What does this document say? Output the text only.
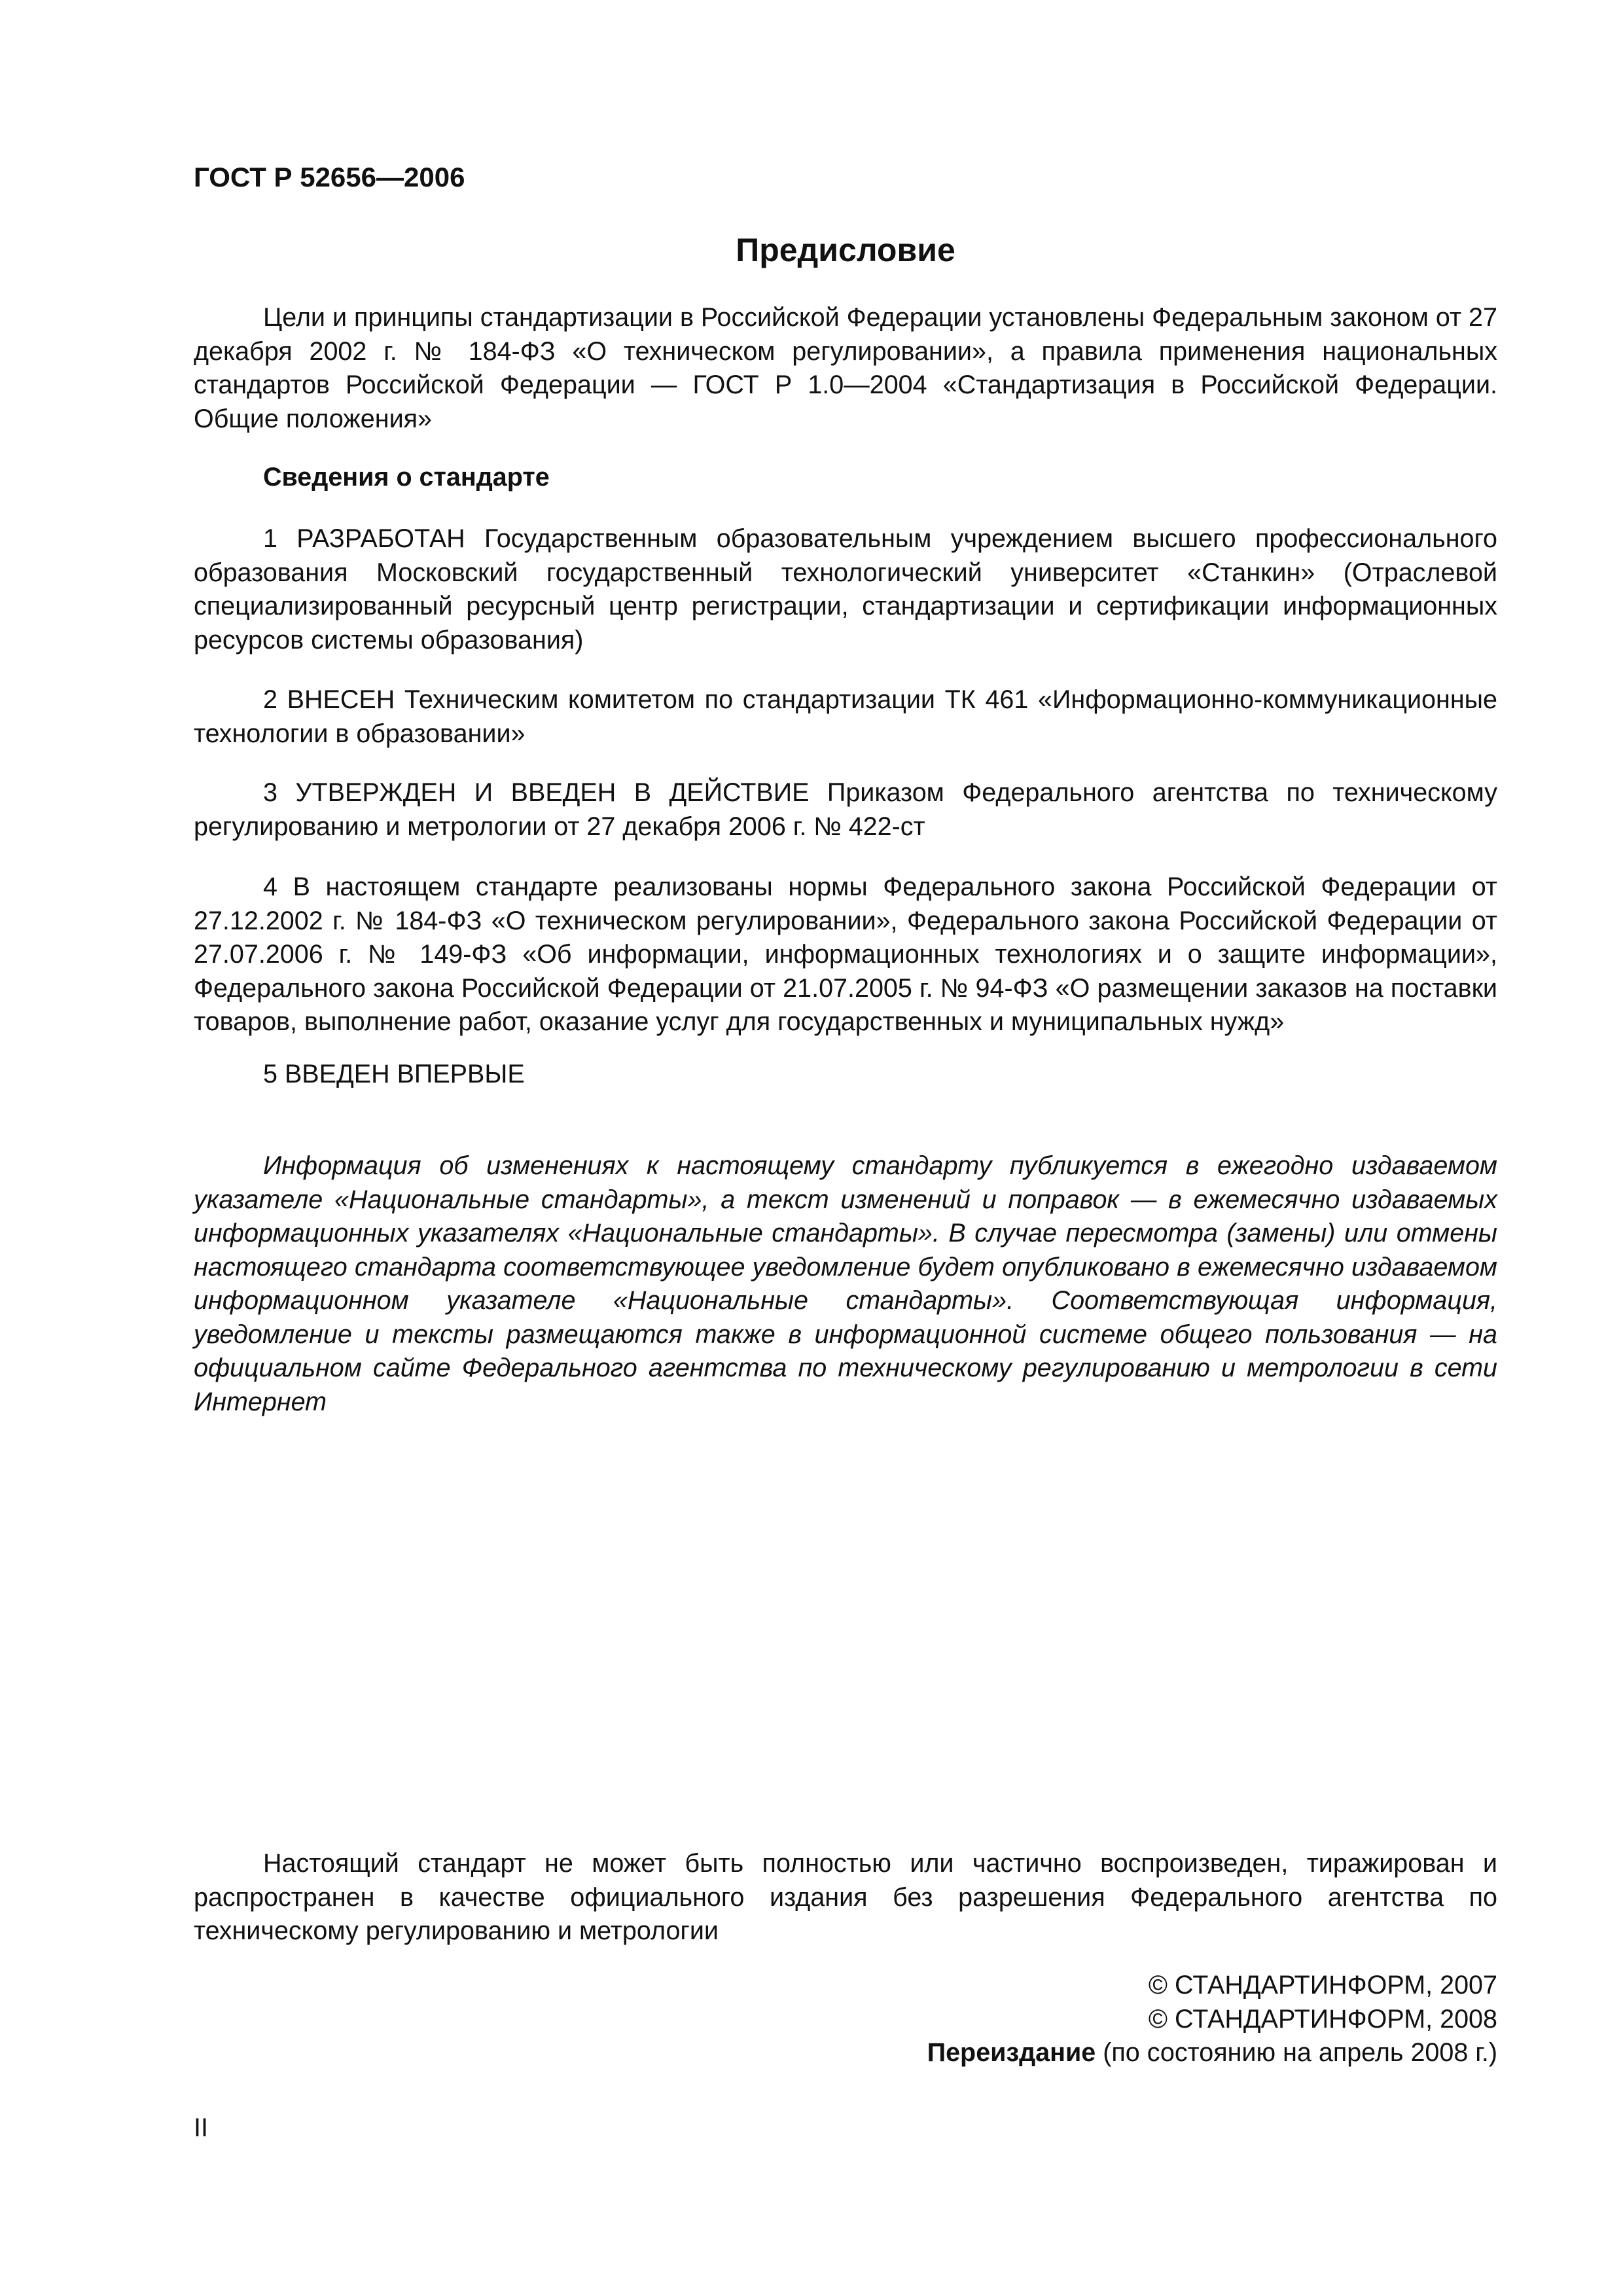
ГОСТ Р 52656—2006

Предисловие

Цели и принципы стандартизации в Российской Федерации установлены Федеральным законом от 27 декабря 2002 г. № 184-ФЗ «О техническом регулировании», а правила применения национальных стандартов Российской Федерации — ГОСТ Р 1.0—2004 «Стандартизация в Российской Федерации. Общие положения»

Сведения о стандарте

1 РАЗРАБОТАН Государственным образовательным учреждением высшего профессионального образования Московский государственный технологический университет «Станкин» (Отраслевой специализированный ресурсный центр регистрации, стандартизации и сертификации информационных ресурсов системы образования)

2 ВНЕСЕН Техническим комитетом по стандартизации ТК 461 «Информационно-коммуникационные технологии в образовании»

3 УТВЕРЖДЕН И ВВЕДЕН В ДЕЙСТВИЕ Приказом Федерального агентства по техническому регулированию и метрологии от 27 декабря 2006 г. № 422-ст

4 В настоящем стандарте реализованы нормы Федерального закона Российской Федерации от 27.12.2002 г. № 184-ФЗ «О техническом регулировании», Федерального закона Российской Федерации от 27.07.2006 г. № 149-ФЗ «Об информации, информационных технологиях и о защите информации», Федерального закона Российской Федерации от 21.07.2005 г. № 94-ФЗ «О размещении заказов на поставки товаров, выполнение работ, оказание услуг для государственных и муниципальных нужд»

5 ВВЕДЕН ВПЕРВЫЕ

Информация об изменениях к настоящему стандарту публикуется в ежегодно издаваемом указателе «Национальные стандарты», а текст изменений и поправок — в ежемесячно издаваемых информационных указателях «Национальные стандарты». В случае пересмотра (замены) или отмены настоящего стандарта соответствующее уведомление будет опубликовано в ежемесячно издаваемом информационном указателе «Национальные стандарты». Соответствующая информация, уведомление и тексты размещаются также в информационной системе общего пользования — на официальном сайте Федерального агентства по техническому регулированию и метрологии в сети Интернет

Настоящий стандарт не может быть полностью или частично воспроизведен, тиражирован и распространен в качестве официального издания без разрешения Федерального агентства по техническому регулированию и метрологии

© СТАНДАРТИНФОРМ, 2007
© СТАНДАРТИНФОРМ, 2008
Переиздание (по состоянию на апрель 2008 г.)

II
